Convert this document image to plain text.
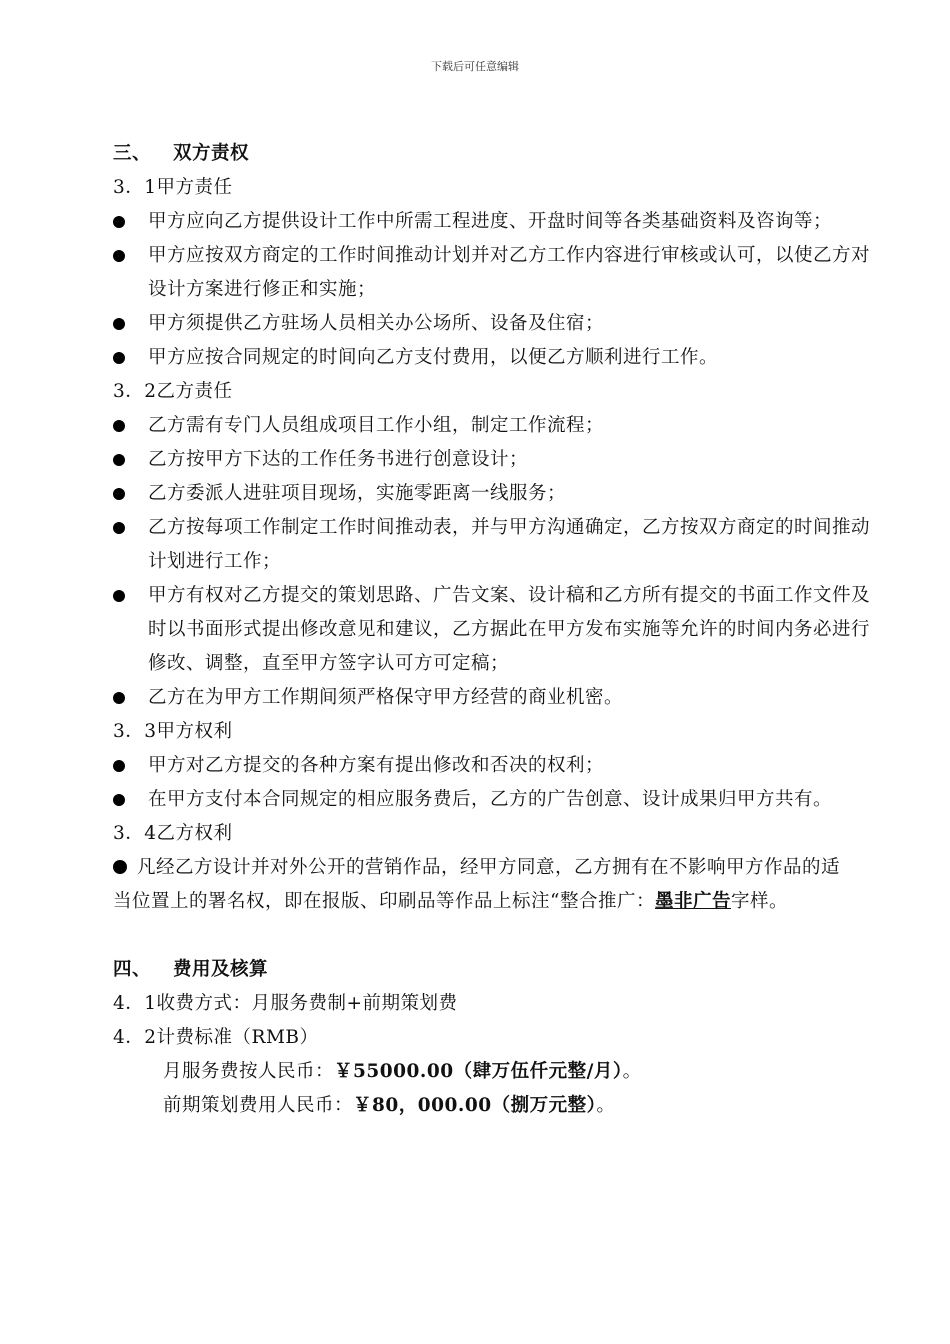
下载后可任意编辑
三、 双方责权
3．1甲方责任
甲方应向乙方提供设计工作中所需工程进度、开盘时间等各类基础资料及咨询等；
甲方应按双方商定的工作时间推动计划并对乙方工作内容进行审核或认可，以使乙方对设计方案进行修正和实施；
甲方须提供乙方驻场人员相关办公场所、设备及住宿；
甲方应按合同规定的时间向乙方支付费用，以便乙方顺利进行工作。
3．2乙方责任
乙方需有专门人员组成项目工作小组，制定工作流程；
乙方按甲方下达的工作任务书进行创意设计；
乙方委派人进驻项目现场，实施零距离一线服务；
乙方按每项工作制定工作时间推动表，并与甲方沟通确定，乙方按双方商定的时间推动计划进行工作；
甲方有权对乙方提交的策划思路、广告文案、设计稿和乙方所有提交的书面工作文件及时以书面形式提出修改意见和建议，乙方据此在甲方发布实施等允许的时间内务必进行修改、调整，直至甲方签字认可方可定稿；
乙方在为甲方工作期间须严格保守甲方经营的商业机密。
3．3甲方权利
甲方对乙方提交的各种方案有提出修改和否决的权利；
在甲方支付本合同规定的相应服务费后，乙方的广告创意、设计成果归甲方共有。
3．4乙方权利
凡经乙方设计并对外公开的营销作品，经甲方同意，乙方拥有在不影响甲方作品的适当位置上的署名权，即在报版、印刷品等作品上标注“整合推广：墨非广告字样。
四、 费用及核算
4．1收费方式：月服务费制+前期策划费
4．2计费标准（RMB）
月服务费按人民币：￥55000.00（肆万伍仟元整/月）。
前期策划费用人民币：￥80，000.00（捌万元整）。
